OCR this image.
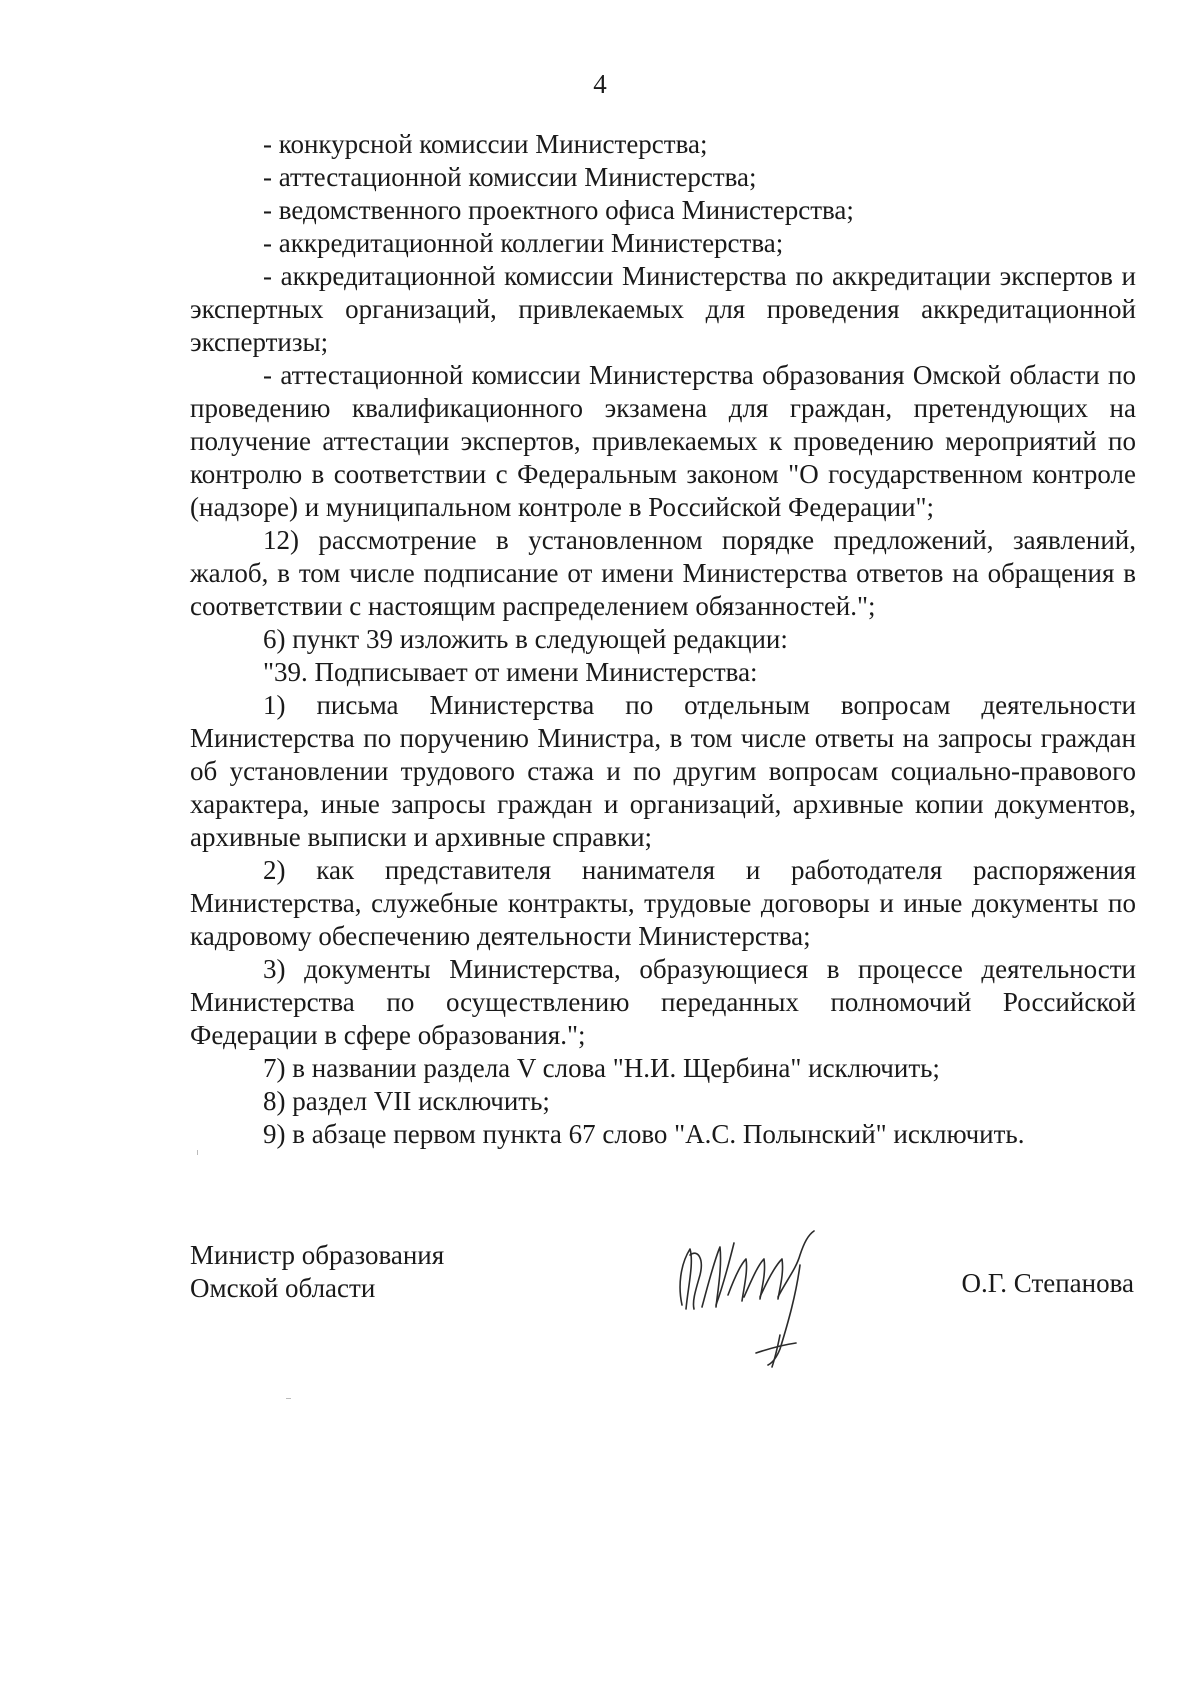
4

- конкурсной комиссии Министерства;

- аттестационной комиссии Министерства;

- ведомственного проектного офиса Министерства;

- аккредитационной коллегии Министерства;

- аккредитационной комиссии Министерства по аккредитации экспертов и экспертных организаций, привлекаемых для проведения аккредитационной экспертизы;

- аттестационной комиссии Министерства образования Омской области по проведению квалификационного экзамена для граждан, претендующих на получение аттестации экспертов, привлекаемых к проведению мероприятий по контролю в соответствии с Федеральным законом "О государственном контроле (надзоре) и муниципальном контроле в Российской Федерации";

12) рассмотрение в установленном порядке предложений, заявлений, жалоб, в том числе подписание от имени Министерства ответов на обращения в соответствии с настоящим распределением обязанностей.";

6) пункт 39 изложить в следующей редакции:

"39. Подписывает от имени Министерства:

1) письма Министерства по отдельным вопросам деятельности Министерства по поручению Министра, в том числе ответы на запросы граждан об установлении трудового стажа и по другим вопросам социально-правового характера, иные запросы граждан и организаций, архивные копии документов, архивные выписки и архивные справки;

2) как представителя нанимателя и работодателя распоряжения Министерства, служебные контракты, трудовые договоры и иные документы по кадровому обеспечению деятельности Министерства;

3) документы Министерства, образующиеся в процессе деятельности Министерства по осуществлению переданных полномочий Российской Федерации в сфере образования.";

7) в названии раздела V слова "Н.И. Щербина" исключить;

8) раздел VII исключить;

9) в абзаце первом пункта 67 слово "А.С. Полынский" исключить.

Министр образования
Омской области	О.Г. Степанова
